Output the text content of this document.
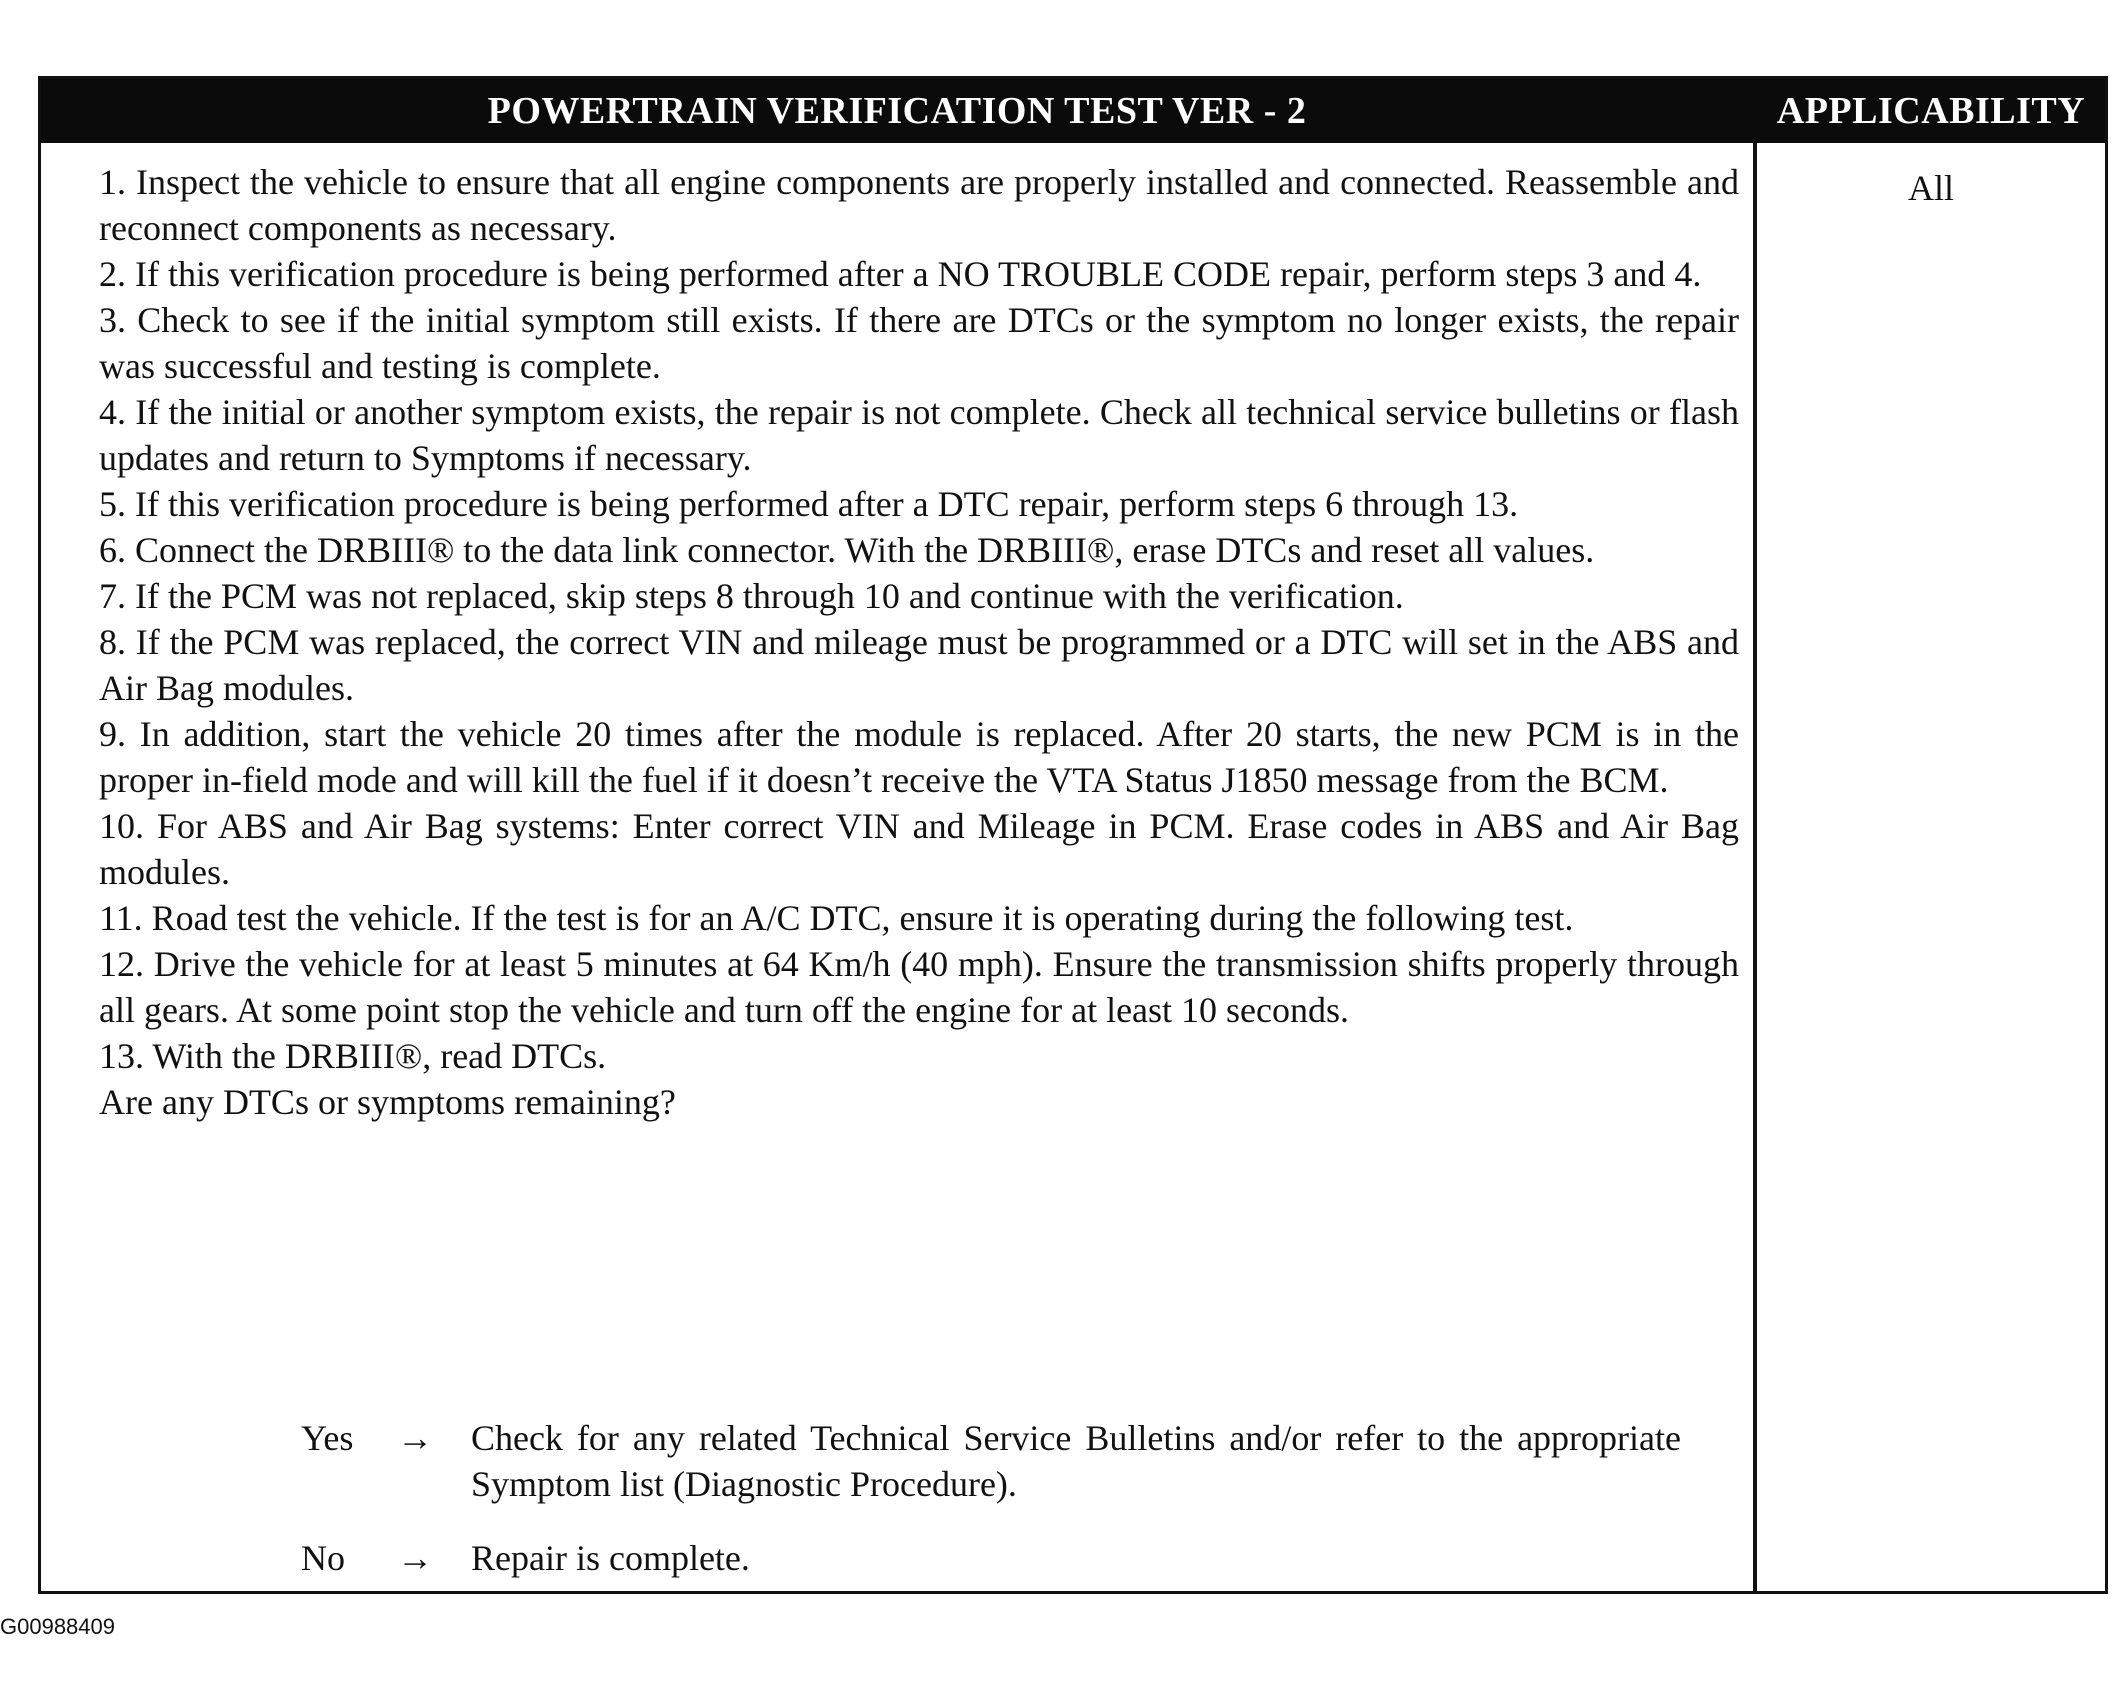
POWERTRAIN VERIFICATION TEST VER - 2	APPLICABILITY
All

1. Inspect the vehicle to ensure that all engine components are properly installed and connected. Reassemble and reconnect components as necessary.

2. If this verification procedure is being performed after a NO TROUBLE CODE repair, perform steps 3 and 4.

3. Check to see if the initial symptom still exists. If there are DTCs or the symptom no longer exists, the repair was successful and testing is complete.

4. If the initial or another symptom exists, the repair is not complete. Check all technical service bulletins or flash updates and return to Symptoms if necessary.

5. If this verification procedure is being performed after a DTC repair, perform steps 6 through 13.

6. Connect the DRBIII® to the data link connector. With the DRBIII®, erase DTCs and reset all values.

7. If the PCM was not replaced, skip steps 8 through 10 and continue with the verification.

8. If the PCM was replaced, the correct VIN and mileage must be programmed or a DTC will set in the ABS and Air Bag modules.

9. In addition, start the vehicle 20 times after the module is replaced. After 20 starts, the new PCM is in the proper in-field mode and will kill the fuel if it doesn’t receive the VTA Status J1850 message from the BCM.

10. For ABS and Air Bag systems: Enter correct VIN and Mileage in PCM. Erase codes in ABS and Air Bag modules.

11. Road test the vehicle. If the test is for an A/C DTC, ensure it is operating during the following test.

12. Drive the vehicle for at least 5 minutes at 64 Km/h (40 mph). Ensure the transmission shifts properly through all gears. At some point stop the vehicle and turn off the engine for at least 10 seconds.

13. With the DRBIII®, read DTCs.

Are any DTCs or symptoms remaining?

Yes → Check for any related Technical Service Bulletins and/or refer to the appropriate Symptom list (Diagnostic Procedure).
No → Repair is complete.
G00988409
